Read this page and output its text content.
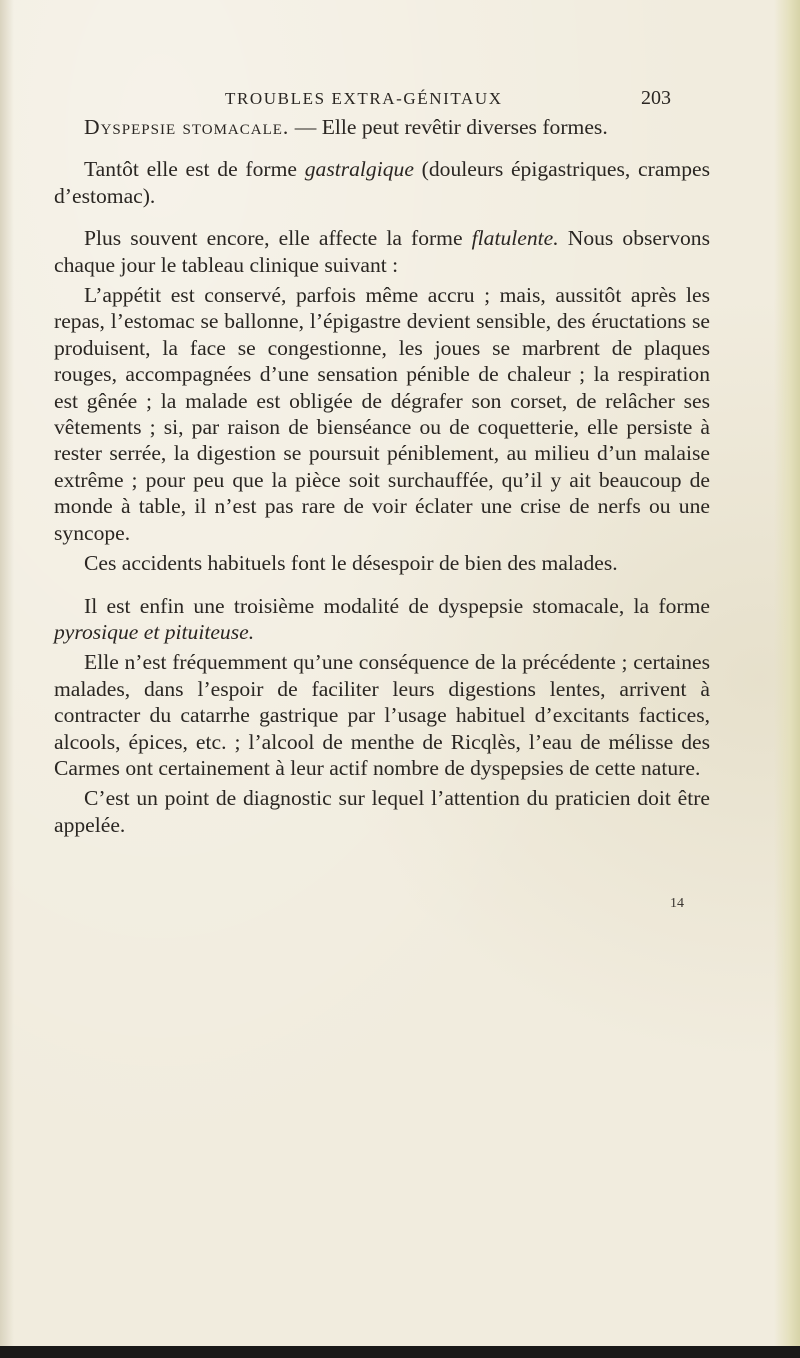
TROUBLES EXTRA-GÉNITAUX	203

Dyspepsie stomacale. — Elle peut revêtir diverses formes.

Tantôt elle est de forme gastralgique (douleurs épigastriques, crampes d’estomac).

Plus souvent encore, elle affecte la forme flatulente. Nous observons chaque jour le tableau clinique suivant :

L’appétit est conservé, parfois même accru ; mais, aussitôt après les repas, l’estomac se ballonne, l’épigastre devient sensible, des éructations se produisent, la face se congestionne, les joues se marbrent de plaques rouges, accompagnées d’une sensation pénible de chaleur ; la respiration est gênée ; la malade est obligée de dégrafer son corset, de relâcher ses vêtements ; si, par raison de bienséance ou de coquetterie, elle persiste à rester serrée, la digestion se poursuit péniblement, au milieu d’un malaise extrême ; pour peu que la pièce soit surchauffée, qu’il y ait beaucoup de monde à table, il n’est pas rare de voir éclater une crise de nerfs ou une syncope.

Ces accidents habituels font le désespoir de bien des malades.

Il est enfin une troisième modalité de dyspepsie stomacale, la forme pyrosique et pituiteuse.

Elle n’est fréquemment qu’une conséquence de la précédente ; certaines malades, dans l’espoir de faciliter leurs digestions lentes, arrivent à contracter du catarrhe gastrique par l’usage habituel d’excitants factices, alcools, épices, etc. ; l’alcool de menthe de Ricqlès, l’eau de mélisse des Carmes ont certainement à leur actif nombre de dyspepsies de cette nature.

C’est un point de diagnostic sur lequel l’attention du praticien doit être appelée.

14
